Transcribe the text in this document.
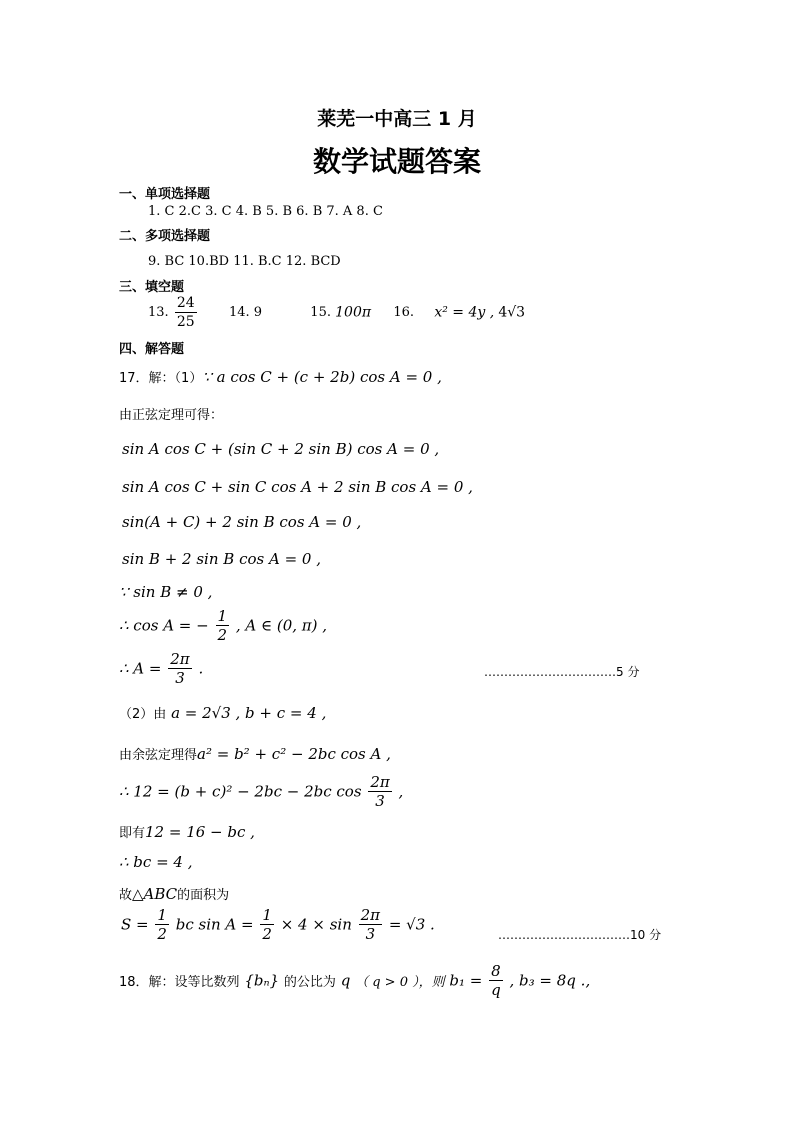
莱芜一中高三 1 月
数学试题答案
一、单项选择题
1. C 2.C 3. C 4. B 5. B 6. B 7. A 8. C
二、多项选择题
9. BC 10.BD 11. B.C 12. BCD
三、填空题
13. $\frac{24}{25} 14$. 9	15. 100π 16. x² = 4y , 4√3
四、解答题
17．解：（1）∵ a cos C + (c + 2b) cos A = 0 ,
由正弦定理可得：
sin A cos C + (sin C + 2 sin B) cos A = 0 ,
sin A cos C + sin C cos A + 2 sin B cos A = 0 ,
sin(A + C) + 2 sin B cos A = 0 ,
sin B + 2 sin B cos A = 0 ,
∵ sin B ≠ 0 ,
∴ cos A = − $\frac{1}{2}$ , A ∈ (0, π) ,
∴ $A = \frac{2\pi}{3}$ .	……………………………5 分
（2）由 a = 2√3 , b + c = 4 ,
由余弦定理得a² = b² + c² − 2bc cos A ,
∴ 12 = (b + c)² − 2bc − 2bc $\cos \frac{2\pi}{3}$ ,
即有12 = 16 − bc ,
∴ bc = 4 ,
故△ABC的面积为
$S = \frac{1}{2}$ bc $\sin A = \frac{1}{2} \times 4 \times \sin \frac{2\pi}{3} = √3$ .
……………………………10 分
18．解：设等比数列 {bₙ} 的公比为 q （ q > 0 ），则 $b_1 = \frac{8}{q}$ , b₃ = 8q .,
